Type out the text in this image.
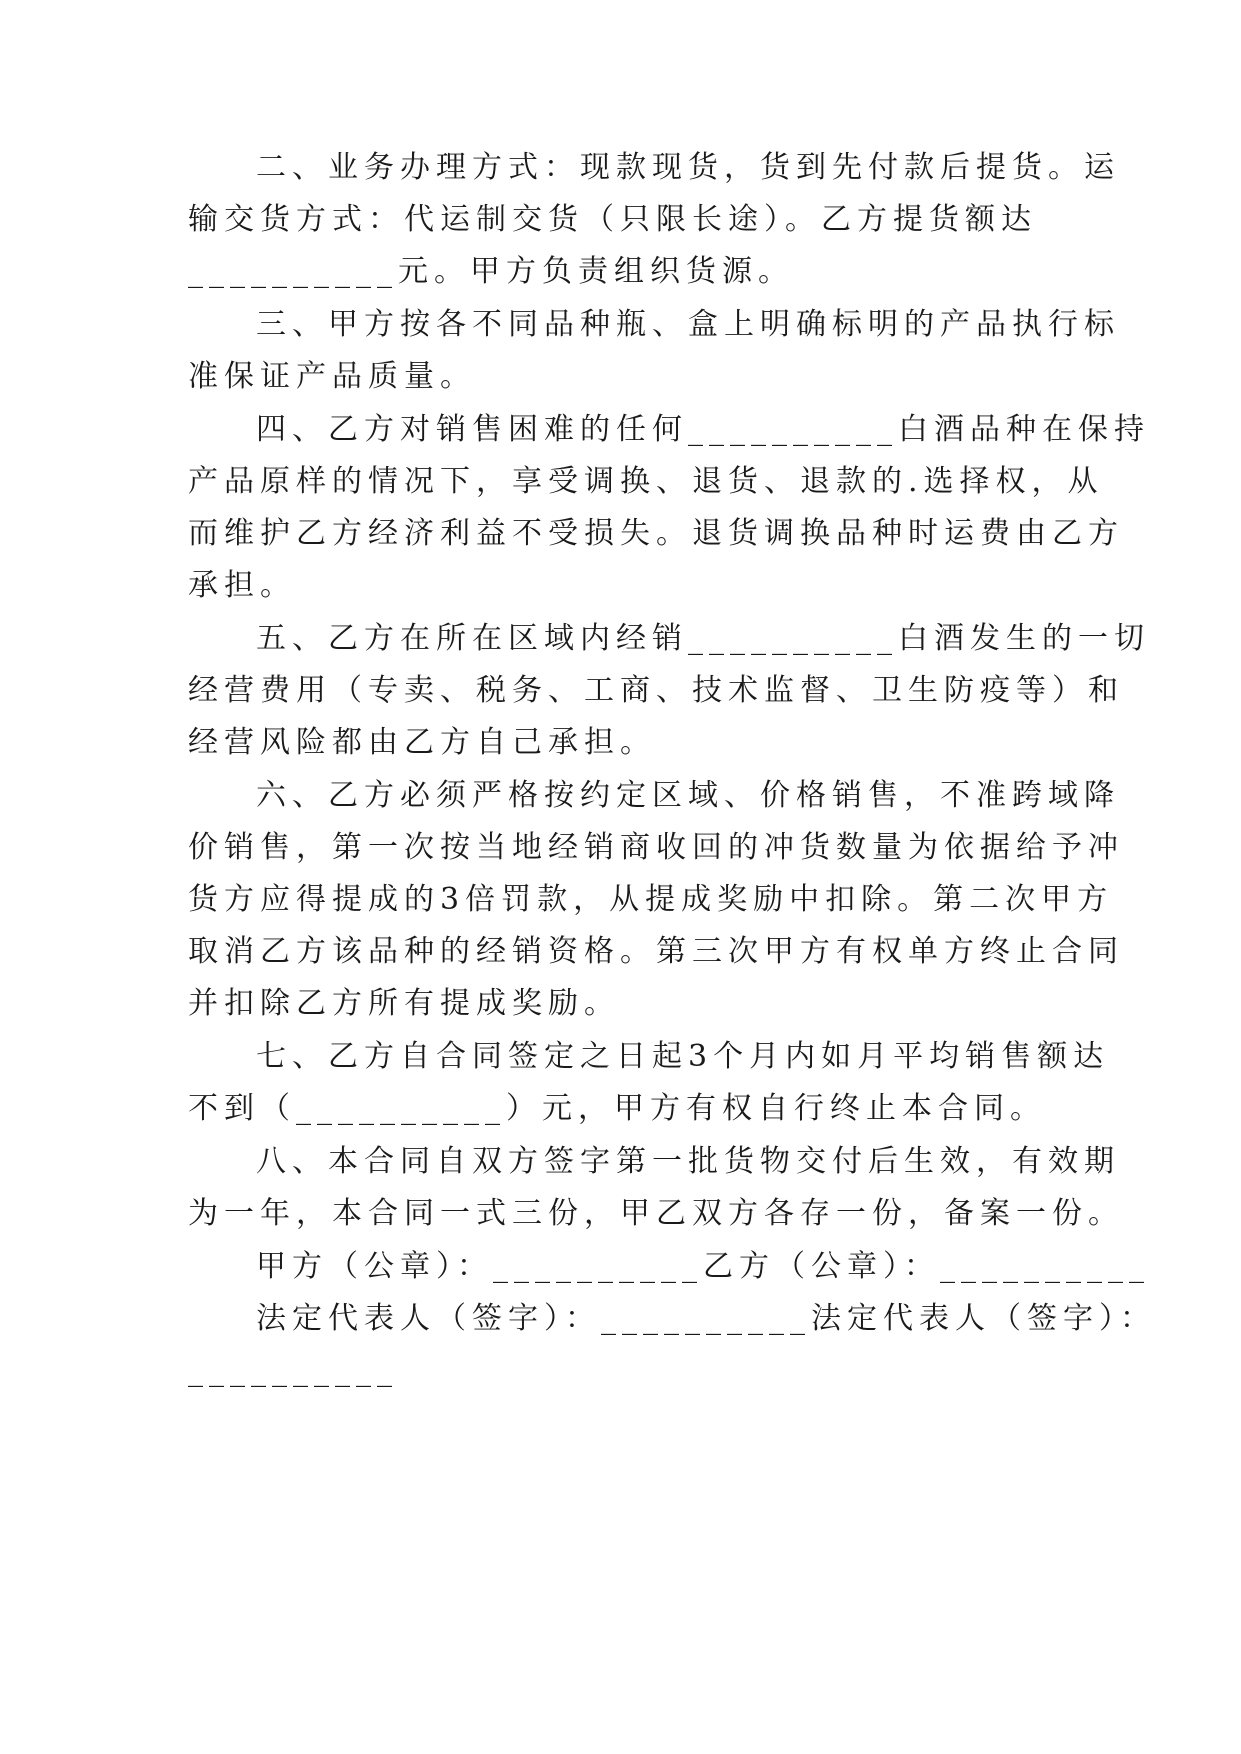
二、业务办理方式：现款现货，货到先付款后提货。运
输交货方式：代运制交货（只限长途）。乙方提货额达
__________元。甲方负责组织货源。
三、甲方按各不同品种瓶、盒上明确标明的产品执行标
准保证产品质量。
四、乙方对销售困难的任何__________白酒品种在保持
产品原样的情况下，享受调换、退货、退款的.选择权，从
而维护乙方经济利益不受损失。退货调换品种时运费由乙方
承担。
五、乙方在所在区域内经销__________白酒发生的一切
经营费用（专卖、税务、工商、技术监督、卫生防疫等）和
经营风险都由乙方自己承担。
六、乙方必须严格按约定区域、价格销售，不准跨域降
价销售，第一次按当地经销商收回的冲货数量为依据给予冲
货方应得提成的3倍罚款，从提成奖励中扣除。第二次甲方
取消乙方该品种的经销资格。第三次甲方有权单方终止合同
并扣除乙方所有提成奖励。
七、乙方自合同签定之日起3个月内如月平均销售额达
不到（__________）元，甲方有权自行终止本合同。
八、本合同自双方签字第一批货物交付后生效，有效期
为一年，本合同一式三份，甲乙双方各存一份，备案一份。
甲方（公章）：__________乙方（公章）：__________
法定代表人（签字）：__________法定代表人（签字）：
__________
